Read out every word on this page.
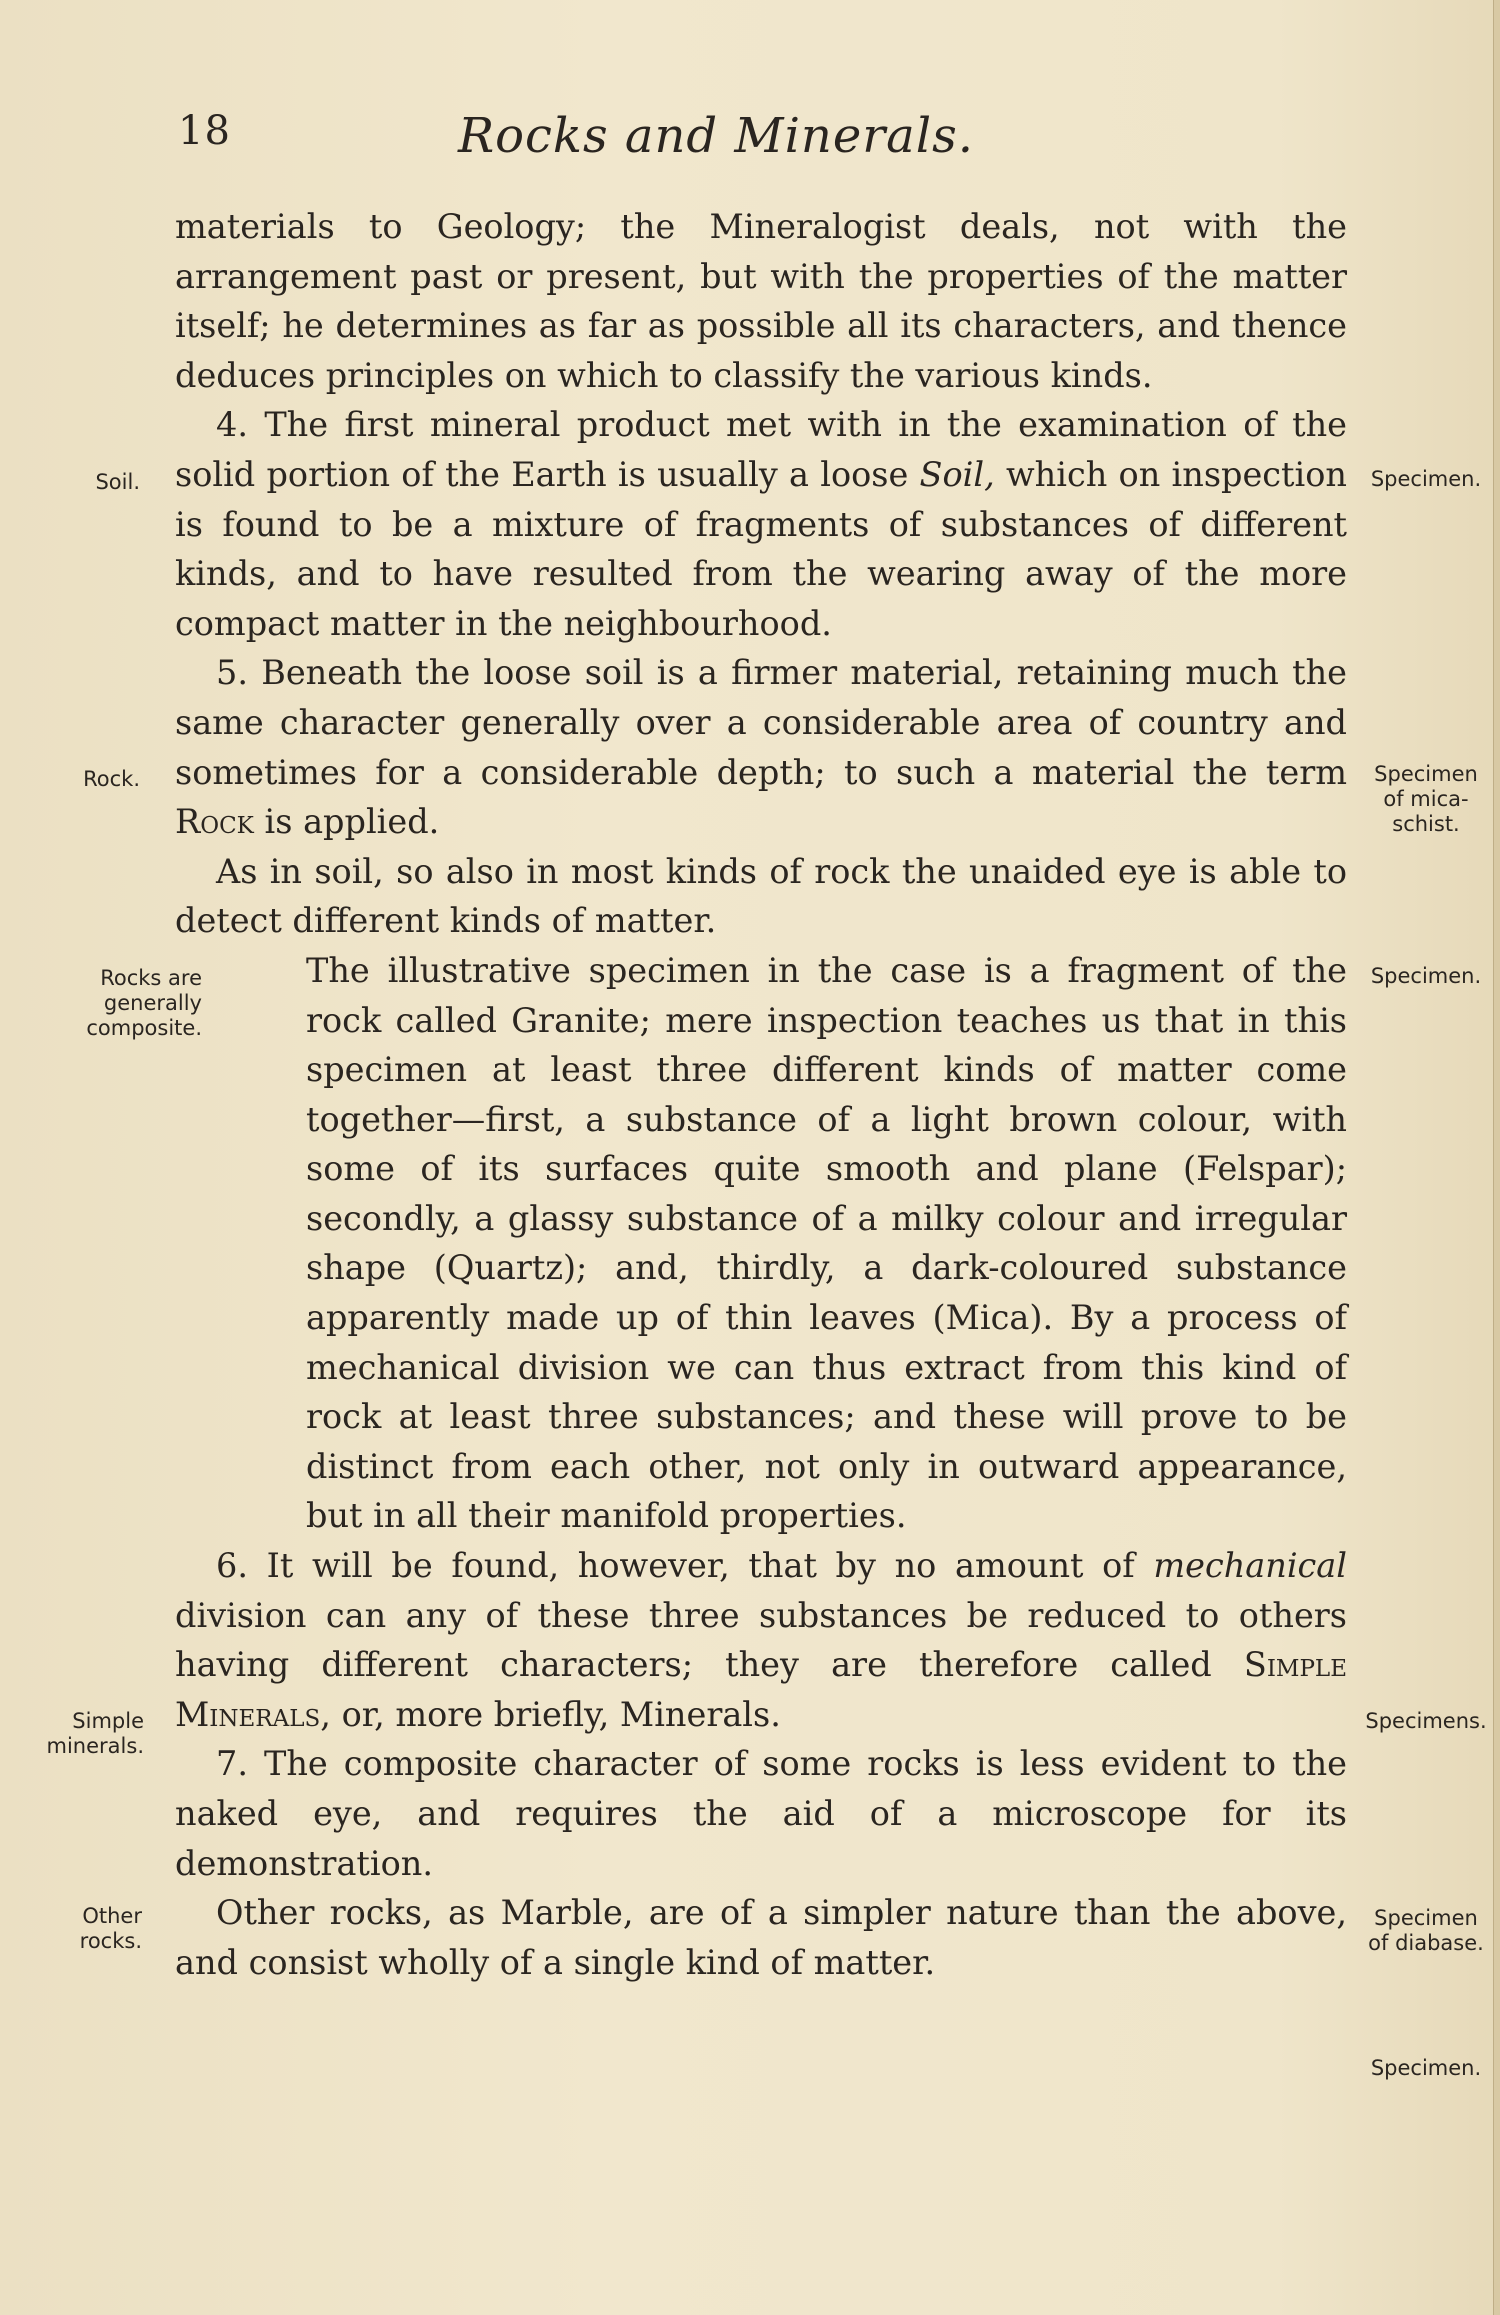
18	Rocks and Minerals.

materials to Geology; the Mineralogist deals, not with the arrangement past or present, but with the properties of the matter itself; he determines as far as possible all its characters, and thence deduces principles on which to classify the various kinds.

4. The first mineral product met with in the examination of the solid portion of the Earth is usually a loose Soil, which on inspection is found to be a mixture of fragments of substances of different kinds, and to have resulted from the wearing away of the more compact matter in the neighbourhood.

5. Beneath the loose soil is a firmer material, retaining much the same character generally over a considerable area of country and sometimes for a considerable depth; to such a material the term Rock is applied.

As in soil, so also in most kinds of rock the unaided eye is able to detect different kinds of matter.

The illustrative specimen in the case is a fragment of the rock called Granite; mere inspection teaches us that in this specimen at least three different kinds of matter come together—first, a substance of a light brown colour, with some of its surfaces quite smooth and plane (Felspar); secondly, a glassy substance of a milky colour and irregular shape (Quartz); and, thirdly, a dark-coloured substance apparently made up of thin leaves (Mica). By a process of mechanical division we can thus extract from this kind of rock at least three substances; and these will prove to be distinct from each other, not only in outward appearance, but in all their manifold properties.

6. It will be found, however, that by no amount of mechanical division can any of these three substances be reduced to others having different characters; they are therefore called Simple Minerals, or, more briefly, Minerals.

7. The composite character of some rocks is less evident to the naked eye, and requires the aid of a microscope for its demonstration.

Other rocks, as Marble, are of a simpler nature than the above, and consist wholly of a single kind of matter.

Soil.
Rock.
Rocks are
generally
composite.
Simple
minerals.
Other
rocks.
Specimen.
Specimen
of mica-
schist.
Specimen.
Specimens.
Specimen
of diabase.
Specimen.
